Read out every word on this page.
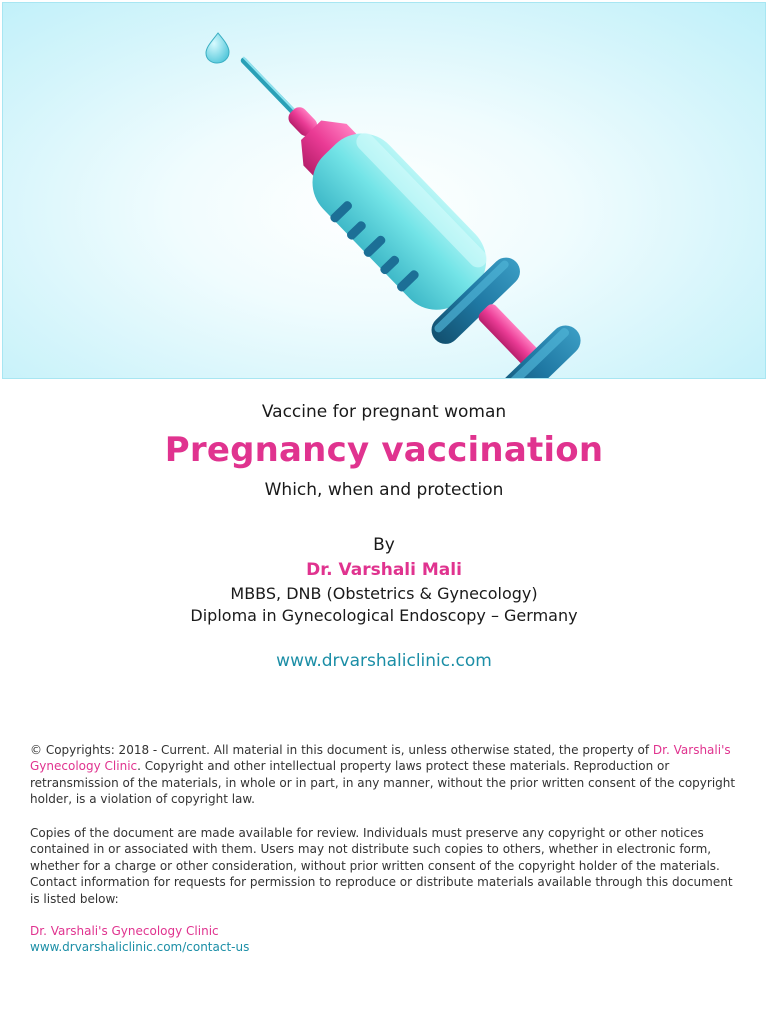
Vaccine for pregnant woman
Pregnancy vaccination
Which, when and protection
By
Dr. Varshali Mali
MBBS, DNB (Obstetrics & Gynecology)
Diploma in Gynecological Endoscopy – Germany
www.drvarshaliclinic.com

© Copyrights: 2018 - Current. All material in this document is, unless otherwise stated, the property of Dr. Varshali's Gynecology Clinic. Copyright and other intellectual property laws protect these materials. Reproduction or retransmission of the materials, in whole or in part, in any manner, without the prior written consent of the copyright holder, is a violation of copyright law.

Copies of the document are made available for review. Individuals must preserve any copyright or other notices contained in or associated with them. Users may not distribute such copies to others, whether in electronic form, whether for a charge or other consideration, without prior written consent of the copyright holder of the materials. Contact information for requests for permission to reproduce or distribute materials available through this document is listed below:

Dr. Varshali's Gynecology Clinic
www.drvarshaliclinic.com/contact-us
